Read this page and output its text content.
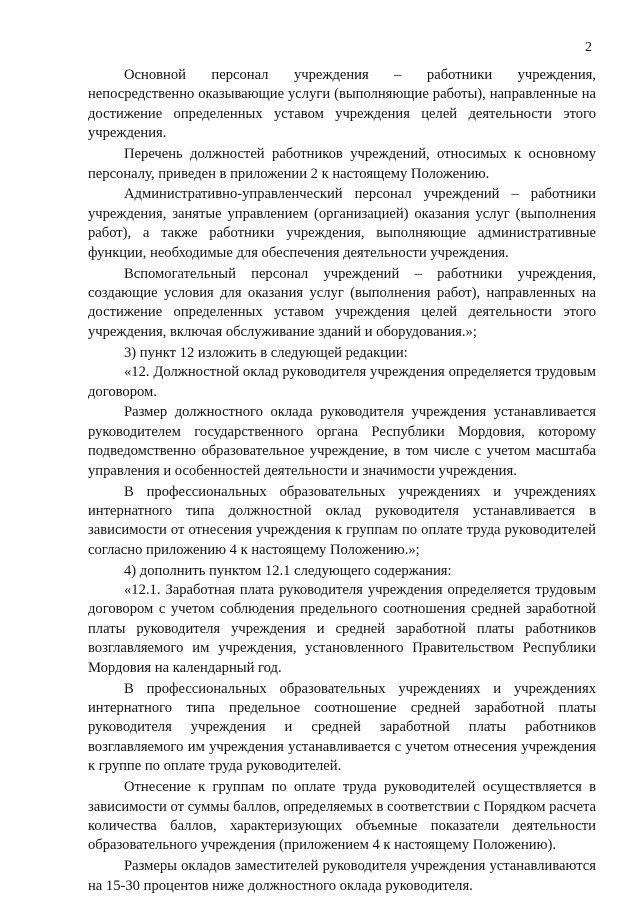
2

Основной персонал учреждения – работники учреждения, непосредственно оказывающие услуги (выполняющие работы), направленные на достижение определенных уставом учреждения целей деятельности этого учреждения.

Перечень должностей работников учреждений, относимых к основному персоналу, приведен в приложении 2 к настоящему Положению.

Административно-управленческий персонал учреждений – работники учреждения, занятые управлением (организацией) оказания услуг (выполнения работ), а также работники учреждения, выполняющие административные функции, необходимые для обеспечения деятельности учреждения.

Вспомогательный персонал учреждений – работники учреждения, создающие условия для оказания услуг (выполнения работ), направленных на достижение определенных уставом учреждения целей деятельности этого учреждения, включая обслуживание зданий и оборудования.»;

3) пункт 12 изложить в следующей редакции:

«12. Должностной оклад руководителя учреждения определяется трудовым договором.

Размер должностного оклада руководителя учреждения устанавливается руководителем государственного органа Республики Мордовия, которому подведомственно образовательное учреждение, в том числе с учетом масштаба управления и особенностей деятельности и значимости учреждения.

В профессиональных образовательных учреждениях и учреждениях интернатного типа должностной оклад руководителя устанавливается в зависимости от отнесения учреждения к группам по оплате труда руководителей согласно приложению 4 к настоящему Положению.»;

4) дополнить пунктом 12.1 следующего содержания:

«12.1. Заработная плата руководителя учреждения определяется трудовым договором с учетом соблюдения предельного соотношения средней заработной платы руководителя учреждения и средней заработной платы работников возглавляемого им учреждения, установленного Правительством Республики Мордовия на календарный год.

В профессиональных образовательных учреждениях и учреждениях интернатного типа предельное соотношение средней заработной платы руководителя учреждения и средней заработной платы работников возглавляемого им учреждения устанавливается с учетом отнесения учреждения к группе по оплате труда руководителей.

Отнесение к группам по оплате труда руководителей осуществляется в зависимости от суммы баллов, определяемых в соответствии с Порядком расчета количества баллов, характеризующих объемные показатели деятельности образовательного учреждения (приложением 4 к настоящему Положению).

Размеры окладов заместителей руководителя учреждения устанавливаются на 15-30 процентов ниже должностного оклада руководителя.
